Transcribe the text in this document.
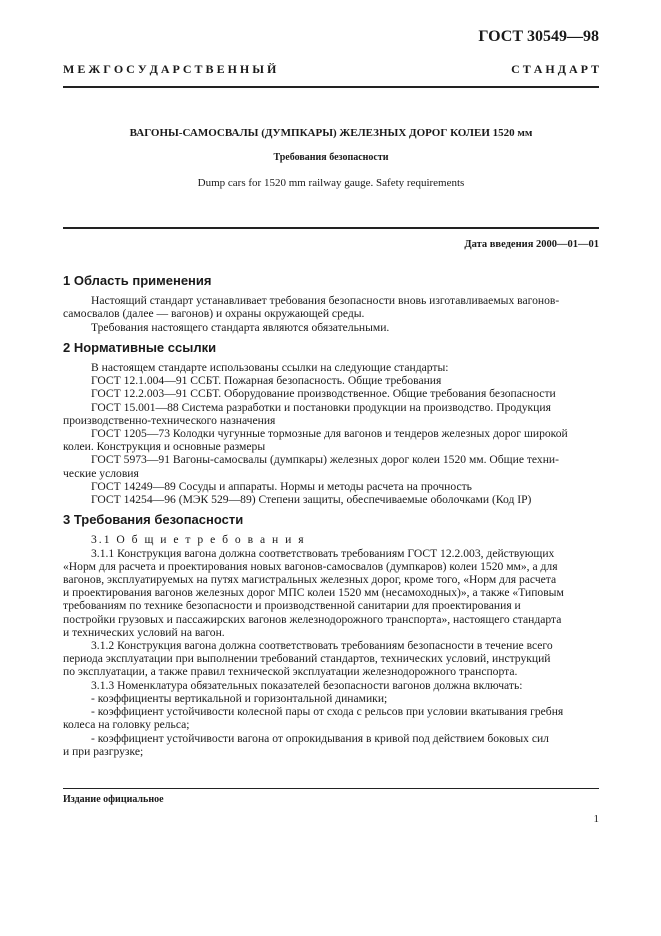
ГОСТ 30549—98
М Е Ж Г О С У Д А Р С Т В Е Н Н Ы Й	С Т А Н Д А Р Т
ВАГОНЫ-САМОСВАЛЫ (ДУМПКАРЫ) ЖЕЛЕЗНЫХ ДОРОГ КОЛЕИ 1520 мм
Требования безопасности
Dump cars for 1520 mm railway gauge. Safety requirements
Дата введения 2000—01—01
1 Область применения

Настоящий стандарт устанавливает требования безопасности вновь изготавливаемых вагонов-

самосвалов (далее — вагонов) и охраны окружающей среды.

Требования настоящего стандарта являются обязательными.

2 Нормативные ссылки

В настоящем стандарте использованы ссылки на следующие стандарты:

ГОСТ 12.1.004—91 ССБТ. Пожарная безопасность. Общие требования

ГОСТ 12.2.003—91 ССБТ. Оборудование производственное. Общие требования безопасности

ГОСТ 15.001—88 Система разработки и постановки продукции на производство. Продукция

производственно-технического назначения

ГОСТ 1205—73 Колодки чугунные тормозные для вагонов и тендеров железных дорог широкой

колеи. Конструкция и основные размеры

ГОСТ 5973—91 Вагоны-самосвалы (думпкары) железных дорог колеи 1520 мм. Общие техни-

ческие условия

ГОСТ 14249—89 Сосуды и аппараты. Нормы и методы расчета на прочность

ГОСТ 14254—96 (МЭК 529—89) Степени защиты, обеспечиваемые оболочками (Код IP)

3 Требования безопасности

3.1 О б щ и е т р е б о в а н и я

3.1.1 Конструкция вагона должна соответствовать требованиям ГОСТ 12.2.003, действующих

«Норм для расчета и проектирования новых вагонов-самосвалов (думпкаров) колеи 1520 мм», а для

вагонов, эксплуатируемых на путях магистральных железных дорог, кроме того, «Норм для расчета

и проектирования вагонов железных дорог МПС колеи 1520 мм (несамоходных)», а также «Типовым

требованиям по технике безопасности и производственной санитарии для проектирования и

постройки грузовых и пассажирских вагонов железнодорожного транспорта», настоящего стандарта

и технических условий на вагон.

3.1.2 Конструкция вагона должна соответствовать требованиям безопасности в течение всего

периода эксплуатации при выполнении требований стандартов, технических условий, инструкций

по эксплуатации, а также правил технической эксплуатации железнодорожного транспорта.

3.1.3 Номенклатура обязательных показателей безопасности вагонов должна включать:

- коэффициенты вертикальной и горизонтальной динамики;

- коэффициент устойчивости колесной пары от схода с рельсов при условии вкатывания гребня

колеса на головку рельса;

- коэффициент устойчивости вагона от опрокидывания в кривой под действием боковых сил

и при разгрузке;

Издание официальное
1
